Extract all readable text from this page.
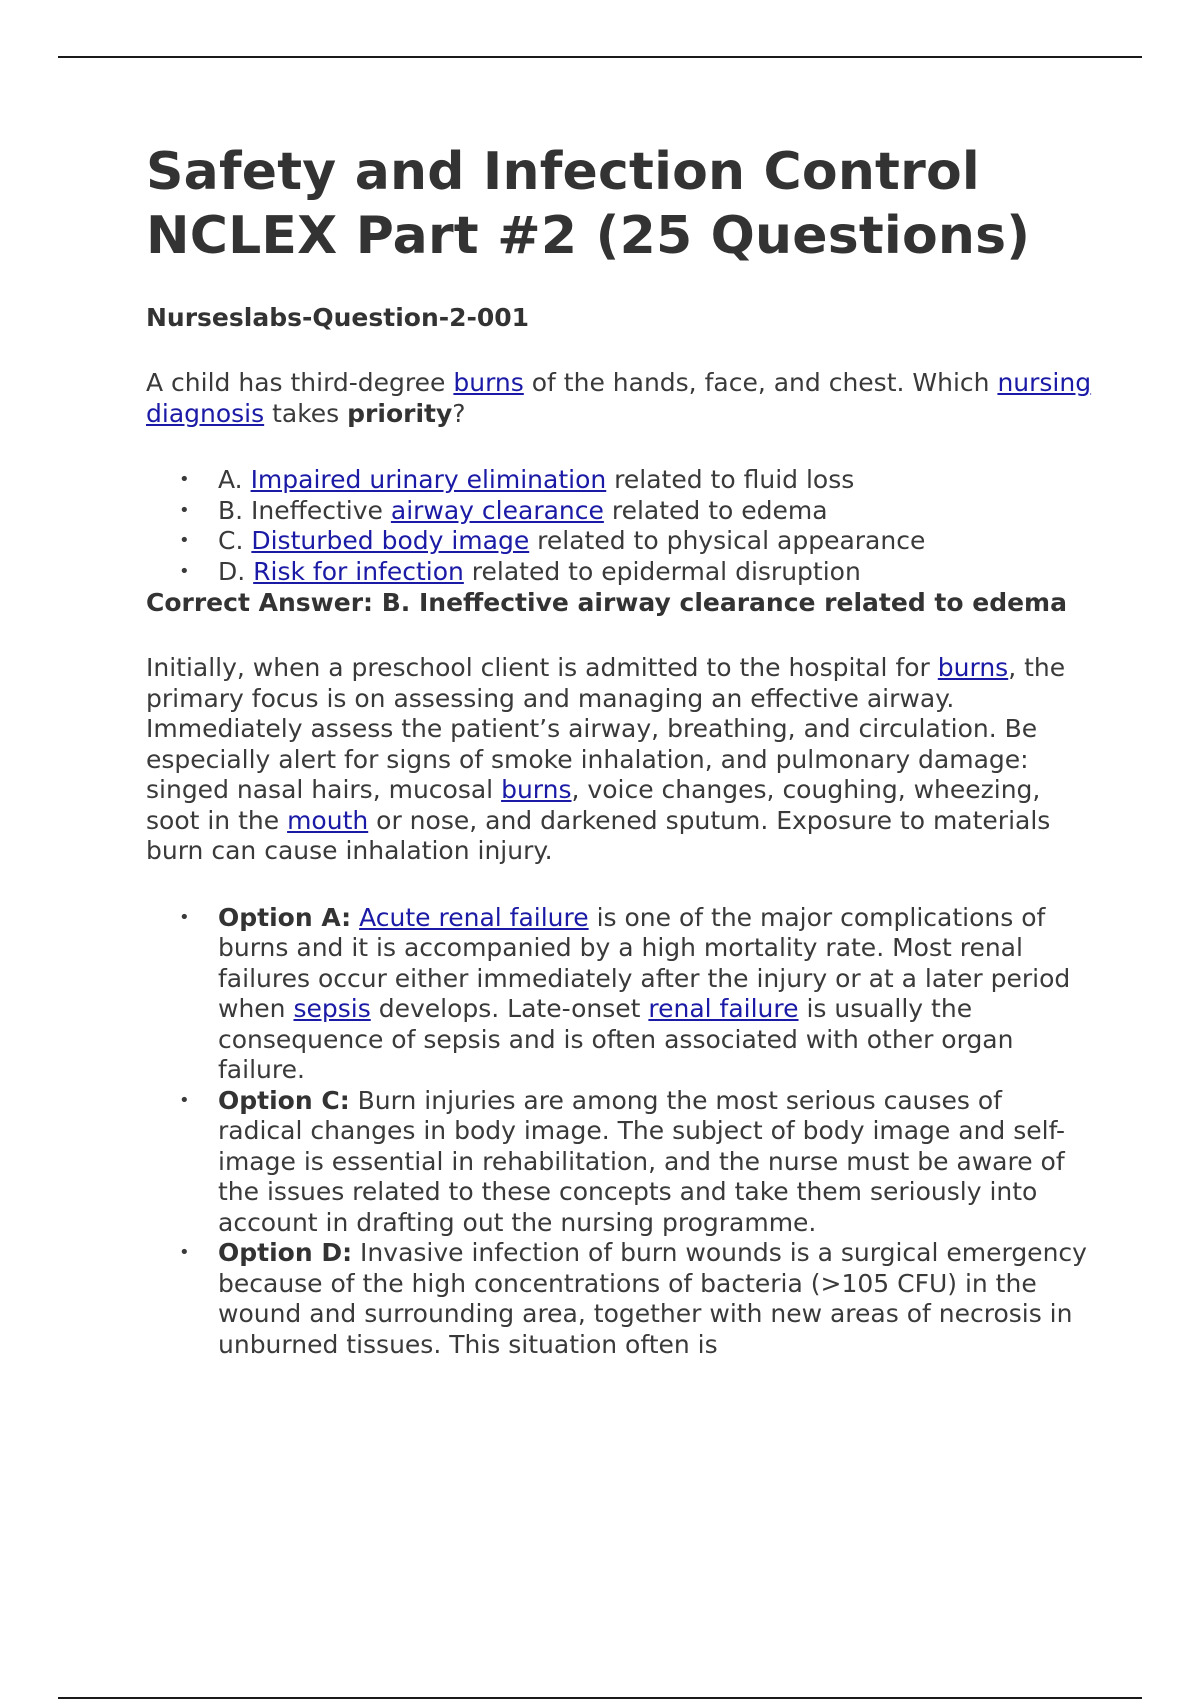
Safety and Infection Control NCLEX Part #2 (25 Questions)
Nurseslabs-Question-2-001

A child has third-degree burns of the hands, face, and chest. Which nursing diagnosis takes priority?

• A. Impaired urinary elimination related to fluid loss
• B. Ineffective airway clearance related to edema
• C. Disturbed body image related to physical appearance
• D. Risk for infection related to epidermal disruption
Correct Answer: B. Ineffective airway clearance related to edema

Initially, when a preschool client is admitted to the hospital for burns, the primary focus is on assessing and managing an effective airway. Immediately assess the patient’s airway, breathing, and circulation. Be especially alert for signs of smoke inhalation, and pulmonary damage: singed nasal hairs, mucosal burns, voice changes, coughing, wheezing, soot in the mouth or nose, and darkened sputum. Exposure to materials burn can cause inhalation injury.

• Option A: Acute renal failure is one of the major complications of burns and it is accompanied by a high mortality rate. Most renal failures occur either immediately after the injury or at a later period when sepsis develops. Late-onset renal failure is usually the consequence of sepsis and is often associated with other organ failure.
• Option C: Burn injuries are among the most serious causes of radical changes in body image. The subject of body image and self-image is essential in rehabilitation, and the nurse must be aware of the issues related to these concepts and take them seriously into account in drafting out the nursing programme.
• Option D: Invasive infection of burn wounds is a surgical emergency because of the high concentrations of bacteria (>105 CFU) in the wound and surrounding area, together with new areas of necrosis in unburned tissues. This situation often is
